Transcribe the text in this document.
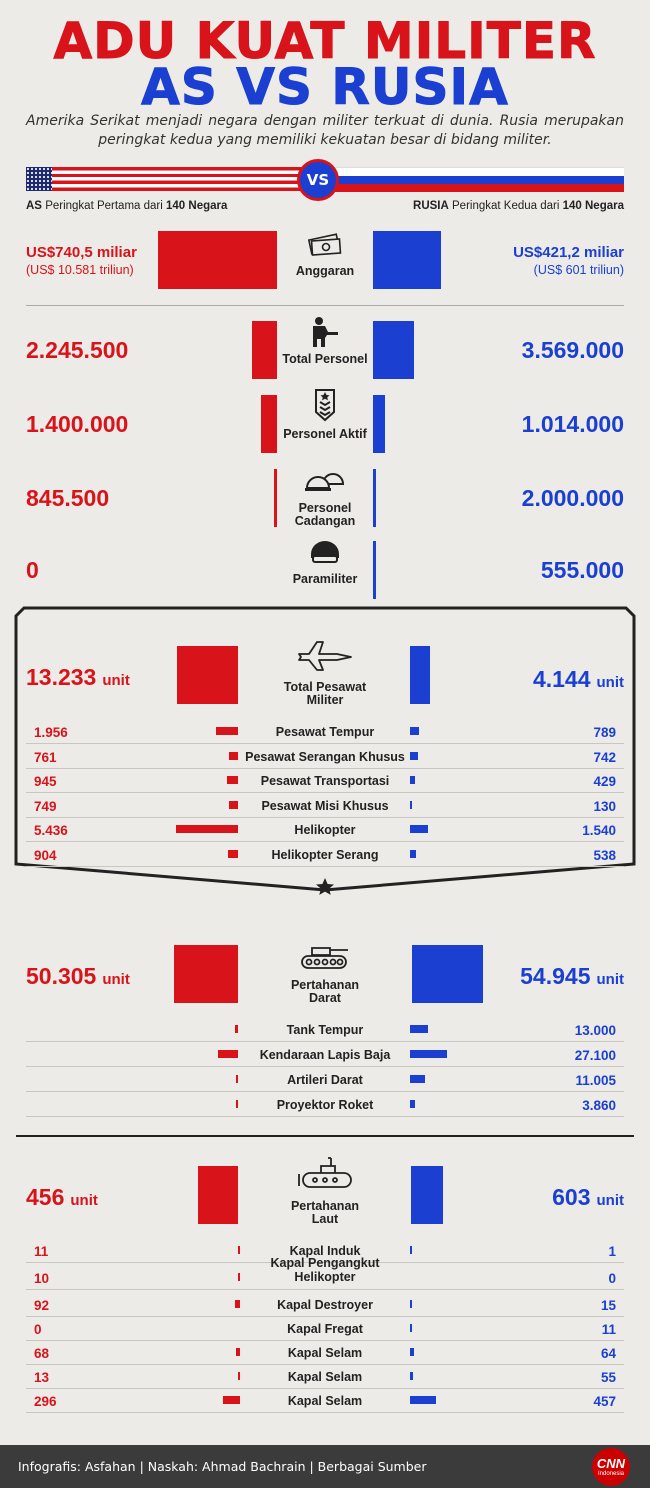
ADU KUAT MILITER
AS VS RUSIA
Amerika Serikat menjadi negara dengan militer terkuat di dunia. Rusia merupakan peringkat kedua yang memiliki kekuatan besar di bidang militer.
VS
AS Peringkat Pertama dari 140 Negara	RUSIA Peringkat Kedua dari 140 Negara
US$740,5 miliar
(US$ 10.581 triliun)
US$421,2 miliar
(US$ 601 triliun)
Anggaran
2.245.500	3.569.000
Total Personel
1.400.000	1.014.000
Personel Aktif
845.500	2.000.000
Personel Cadangan
0	555.000
Paramiliter
13.233 unit	4.144 unit
Total Pesawat Militer
Pesawat Tempur
1.956	789
Pesawat Serangan Khusus
761	742
Pesawat Transportasi
945	429
Pesawat Misi Khusus
749	130
Helikopter
5.436	1.540
Helikopter Serang
904	538
50.305 unit	54.945 unit
Pertahanan Darat
Tank Tempur	13.000
Kendaraan Lapis Baja	27.100
Artileri Darat	11.005
Proyektor Roket	3.860
456 unit	603 unit
Pertahanan Laut
Kapal Induk
11	1
Kapal Pengangkut Helikopter
10	0
Kapal Destroyer
92	15
Kapal Fregat
0	11
Kapal Selam
68	64
Kapal Selam
13	55
Kapal Selam
296	457
Infografis: Asfahan | Naskah: Ahmad Bachrain | Berbagai Sumber	CNN
Indonesia
